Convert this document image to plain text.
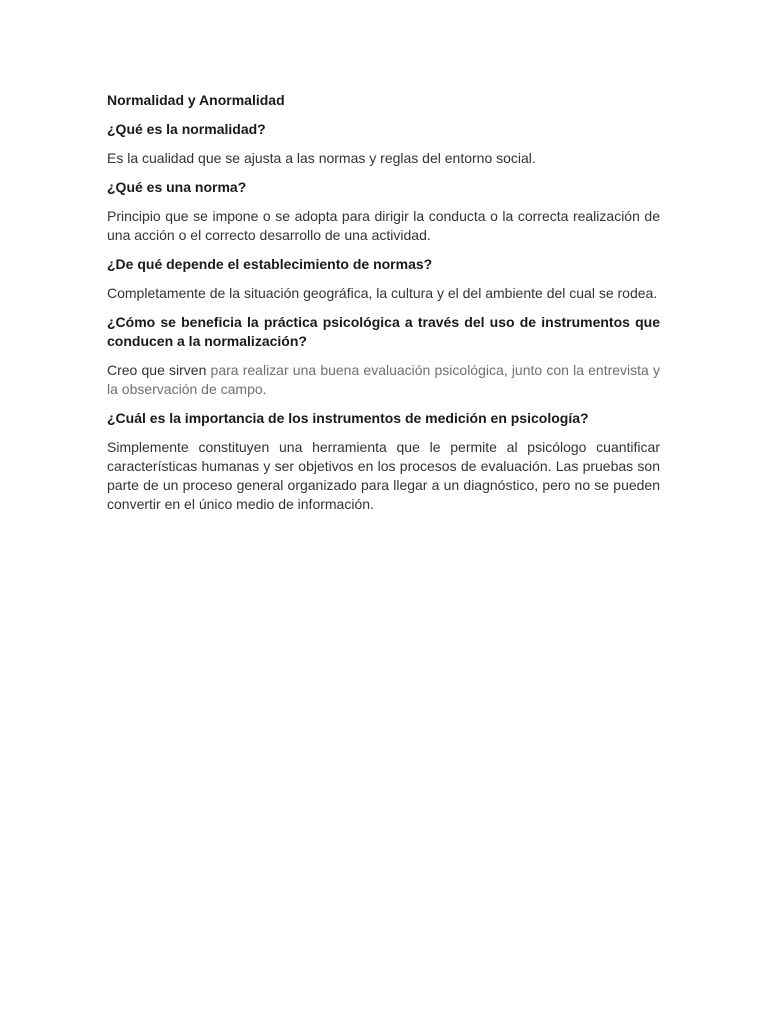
Normalidad y Anormalidad
¿Qué es la normalidad?
Es la cualidad que se ajusta a las normas y reglas del entorno social.
¿Qué es una norma?
Principio que se impone o se adopta para dirigir la conducta o la correcta realización de una acción o el correcto desarrollo de una actividad.
¿De qué depende el establecimiento de normas?
Completamente de la situación geográfica, la cultura y el del ambiente del cual se rodea.
¿Cómo se beneficia la práctica psicológica a través del uso de instrumentos que conducen a la normalización?
Creo que sirven para realizar una buena evaluación psicológica, junto con la entrevista y la observación de campo.
¿Cuál es la importancia de los instrumentos de medición en psicología?
Simplemente constituyen una herramienta que le permite al psicólogo cuantificar características humanas y ser objetivos en los procesos de evaluación. Las pruebas son parte de un proceso general organizado para llegar a un diagnóstico, pero no se pueden convertir en el único medio de información.
